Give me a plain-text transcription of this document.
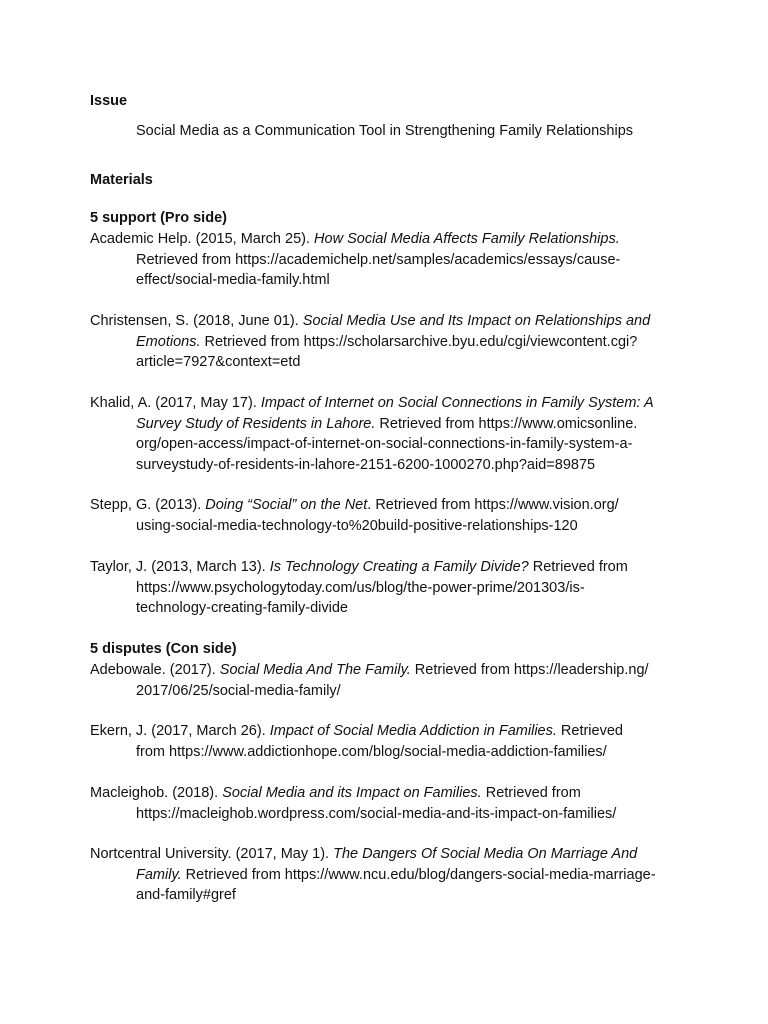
Issue

Social Media as a Communication Tool in Strengthening Family Relationships

Materials

5 support (Pro side)

Academic Help. (2015, March 25). How Social Media Affects Family Relationships.
Retrieved from https://academichelp.net/samples/academics/essays/cause-
effect/social-media-family.html
Christensen, S. (2018, June 01). Social Media Use and Its Impact on Relationships and
Emotions. Retrieved from https://scholarsarchive.byu.edu/cgi/viewcontent.cgi?
article=7927&context=etd
Khalid, A. (2017, May 17). Impact of Internet on Social Connections in Family System: A
Survey Study of Residents in Lahore. Retrieved from https://www.omicsonline.
org/open-access/impact-of-internet-on-social-connections-in-family-system-a-
surveystudy-of-residents-in-lahore-2151-6200-1000270.php?aid=89875
Stepp, G. (2013). Doing “Social” on the Net. Retrieved from https://www.vision.org/
using-social-media-technology-to%20build-positive-relationships-120
Taylor, J. (2013, March 13). Is Technology Creating a Family Divide? Retrieved from
https://www.psychologytoday.com/us/blog/the-power-prime/201303/is-
technology-creating-family-divide

5 disputes (Con side)

Adebowale. (2017). Social Media And The Family. Retrieved from https://leadership.ng/
2017/06/25/social-media-family/
Ekern, J. (2017, March 26). Impact of Social Media Addiction in Families. Retrieved
from https://www.addictionhope.com/blog/social-media-addiction-families/
Macleighob. (2018). Social Media and its Impact on Families. Retrieved from
https://macleighob.wordpress.com/social-media-and-its-impact-on-families/
Nortcentral University. (2017, May 1). The Dangers Of Social Media On Marriage And
Family. Retrieved from https://www.ncu.edu/blog/dangers-social-media-marriage-
and-family#gref
